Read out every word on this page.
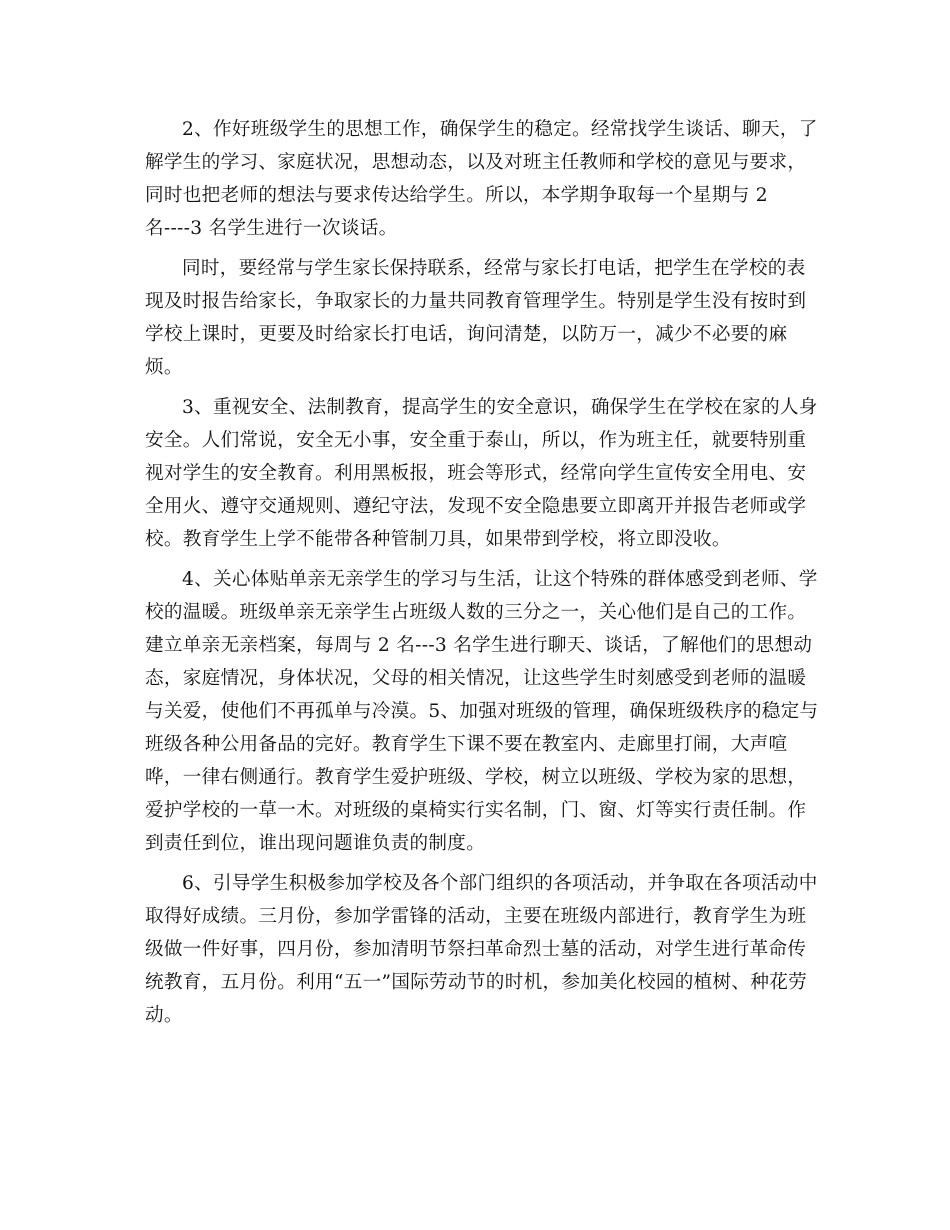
2、作好班级学生的思想工作，确保学生的稳定。经常找学生谈话、聊天，了
解学生的学习、家庭状况，思想动态，以及对班主任教师和学校的意见与要求，
同时也把老师的想法与要求传达给学生。所以，本学期争取每一个星期与 2
名----3 名学生进行一次谈话。
同时，要经常与学生家长保持联系，经常与家长打电话，把学生在学校的表
现及时报告给家长，争取家长的力量共同教育管理学生。特别是学生没有按时到
学校上课时，更要及时给家长打电话，询问清楚，以防万一，减少不必要的麻
烦。
3、重视安全、法制教育，提高学生的安全意识，确保学生在学校在家的人身
安全。人们常说，安全无小事，安全重于泰山，所以，作为班主任，就要特别重
视对学生的安全教育。利用黑板报，班会等形式，经常向学生宣传安全用电、安
全用火、遵守交通规则、遵纪守法，发现不安全隐患要立即离开并报告老师或学
校。教育学生上学不能带各种管制刀具，如果带到学校，将立即没收。
4、关心体贴单亲无亲学生的学习与生活，让这个特殊的群体感受到老师、学
校的温暖。班级单亲无亲学生占班级人数的三分之一，关心他们是自己的工作。
建立单亲无亲档案，每周与 2 名---3 名学生进行聊天、谈话，了解他们的思想动
态，家庭情况，身体状况，父母的相关情况，让这些学生时刻感受到老师的温暖
与关爱，使他们不再孤单与冷漠。5、加强对班级的管理，确保班级秩序的稳定与
班级各种公用备品的完好。教育学生下课不要在教室内、走廊里打闹，大声喧
哗，一律右侧通行。教育学生爱护班级、学校，树立以班级、学校为家的思想，
爱护学校的一草一木。对班级的桌椅实行实名制，门、窗、灯等实行责任制。作
到责任到位，谁出现问题谁负责的制度。
6、引导学生积极参加学校及各个部门组织的各项活动，并争取在各项活动中
取得好成绩。三月份，参加学雷锋的活动，主要在班级内部进行，教育学生为班
级做一件好事，四月份，参加清明节祭扫革命烈士墓的活动，对学生进行革命传
统教育，五月份。利用“五一”国际劳动节的时机，参加美化校园的植树、种花劳
动。
